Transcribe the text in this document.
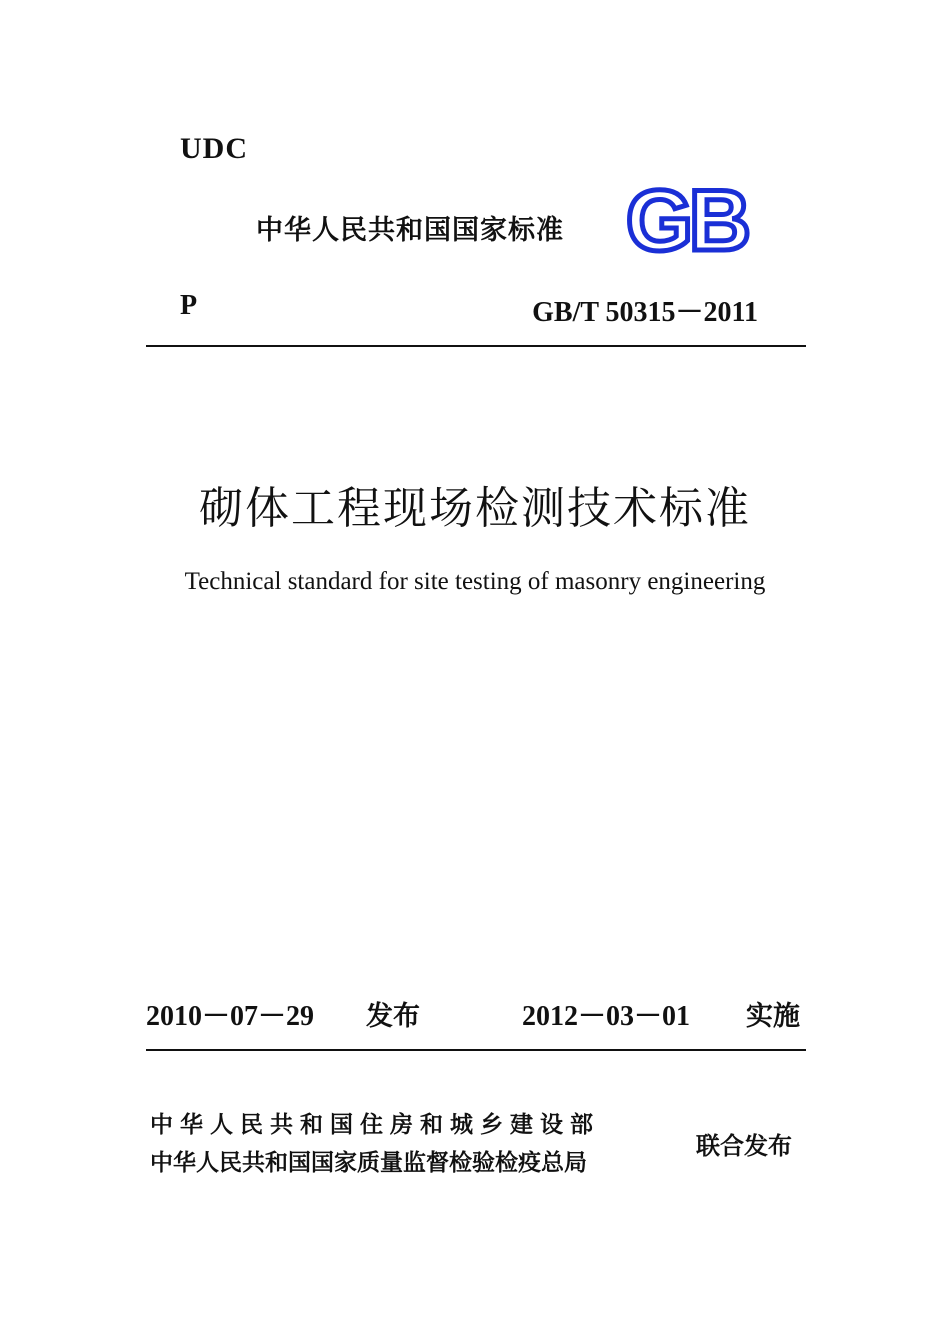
UDC
中华人民共和国国家标准 GB
P	GB/T 50315－2011
砌体工程现场检测技术标准
Technical standard for site testing of masonry engineering
2010－07－29 发布	2012－03－01 实施
中华人民共和国住房和城乡建设部
中华人民共和国国家质量监督检验检疫总局
联合发布
